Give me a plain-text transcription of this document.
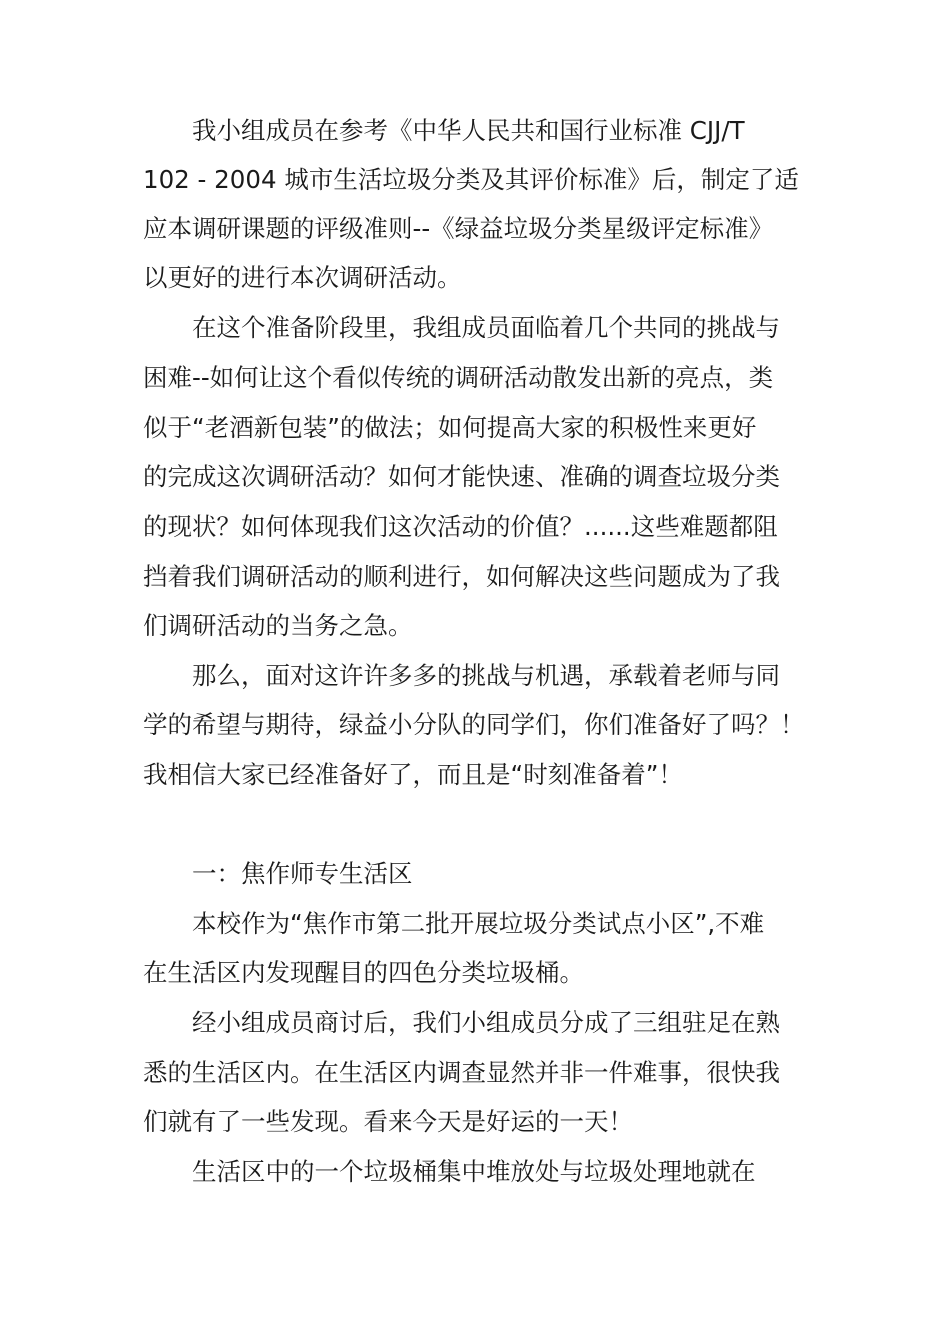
我小组成员在参考《中华人民共和国行业标准 CJJ/T
102 - 2004 城市生活垃圾分类及其评价标准》后，制定了适
应本调研课题的评级准则--《绿益垃圾分类星级评定标准》
以更好的进行本次调研活动。
在这个准备阶段里，我组成员面临着几个共同的挑战与
困难--如何让这个看似传统的调研活动散发出新的亮点，类
似于“老酒新包装”的做法；如何提高大家的积极性来更好
的完成这次调研活动？如何才能快速、准确的调查垃圾分类
的现状？如何体现我们这次活动的价值？......这些难题都阻
挡着我们调研活动的顺利进行，如何解决这些问题成为了我
们调研活动的当务之急。
那么，面对这许许多多的挑战与机遇，承载着老师与同
学的希望与期待，绿益小分队的同学们，你们准备好了吗？！
我相信大家已经准备好了，而且是“时刻准备着”！
一：焦作师专生活区
本校作为“焦作市第二批开展垃圾分类试点小区”,不难
在生活区内发现醒目的四色分类垃圾桶。
经小组成员商讨后，我们小组成员分成了三组驻足在熟
悉的生活区内。在生活区内调查显然并非一件难事，很快我
们就有了一些发现。看来今天是好运的一天！
生活区中的一个垃圾桶集中堆放处与垃圾处理地就在
